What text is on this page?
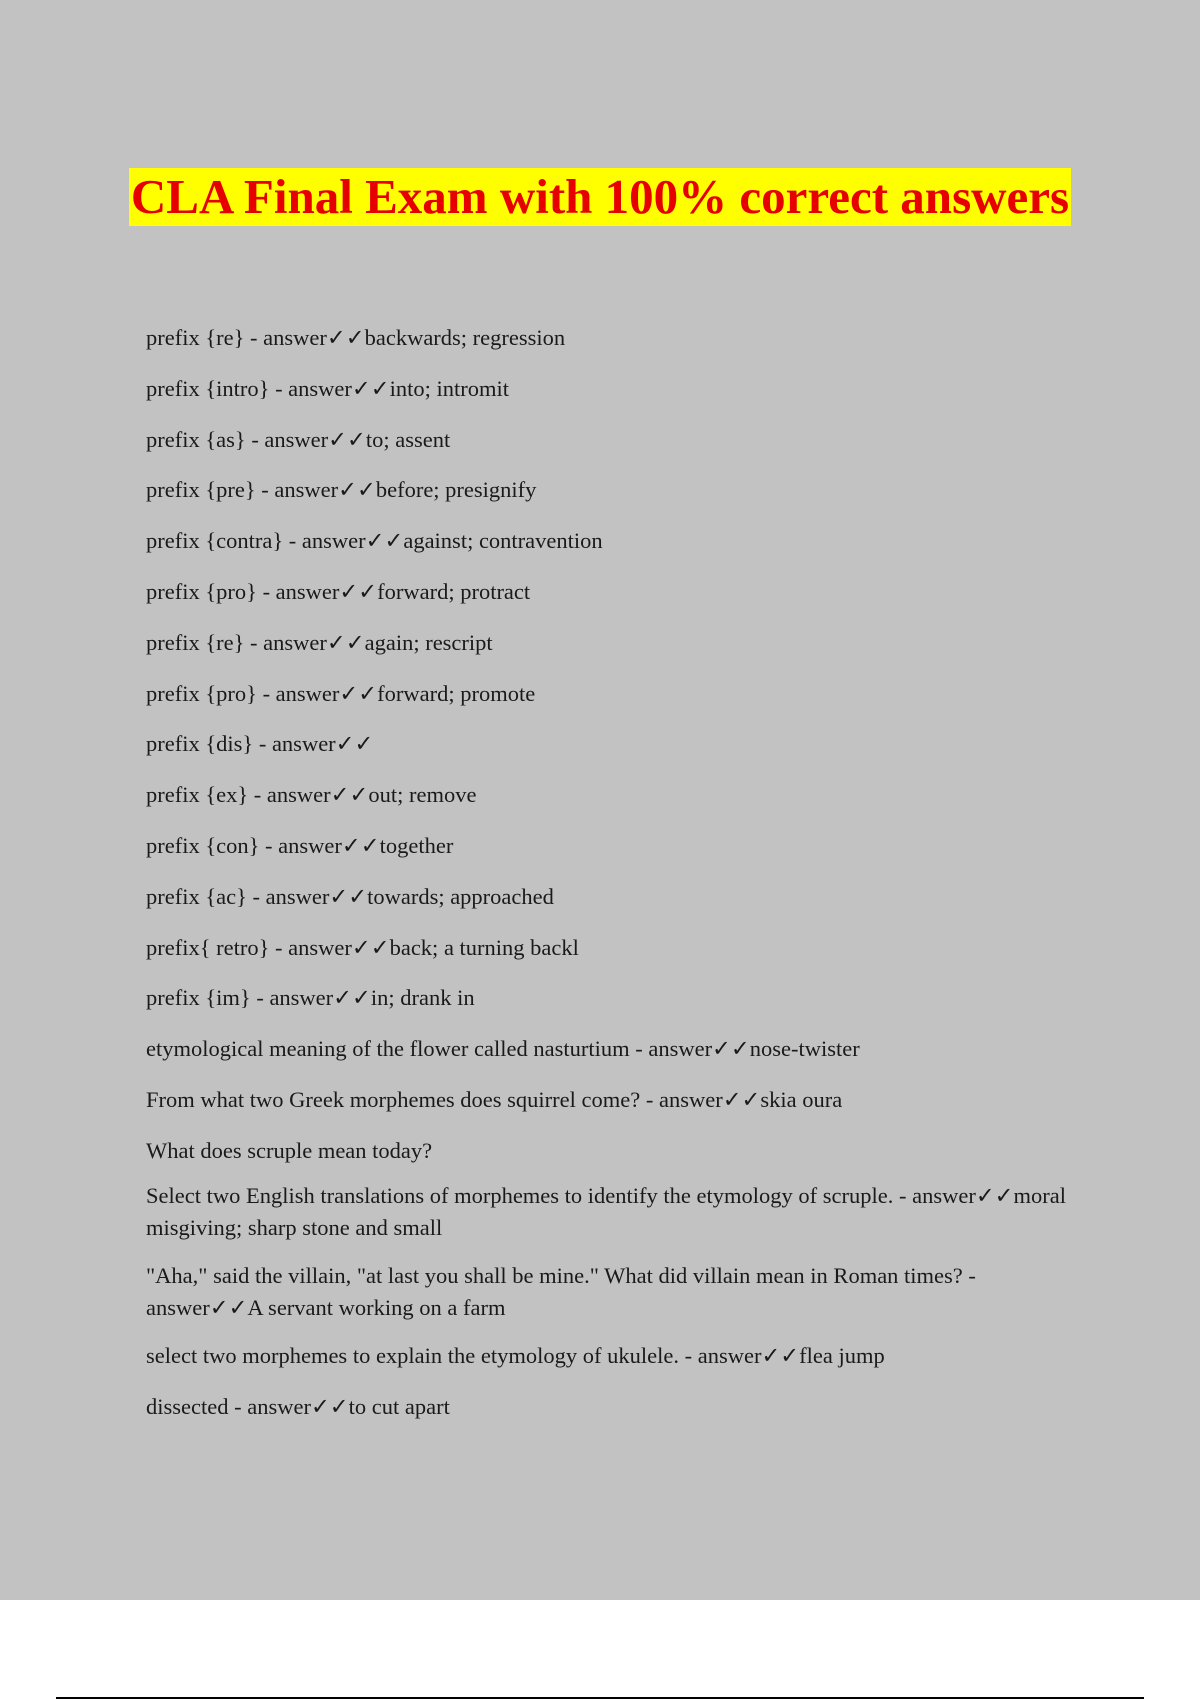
CLA Final Exam with 100% correct answers
prefix {re} - answer✓✓backwards; regression
prefix {intro} - answer✓✓into; intromit
prefix {as} - answer✓✓to; assent
prefix {pre} - answer✓✓before; presignify
prefix {contra} - answer✓✓against; contravention
prefix {pro} - answer✓✓forward; protract
prefix {re} - answer✓✓again; rescript
prefix {pro} - answer✓✓forward; promote
prefix {dis} - answer✓✓
prefix {ex} - answer✓✓out; remove
prefix {con} - answer✓✓together
prefix {ac} - answer✓✓towards; approached
prefix{ retro} - answer✓✓back; a turning backl
prefix {im} - answer✓✓in; drank in
etymological meaning of the flower called nasturtium - answer✓✓nose-twister
From what two Greek morphemes does squirrel come? - answer✓✓skia oura
What does scruple mean today?
Select two English translations of morphemes to identify the etymology of scruple. - answer✓✓moral misgiving; sharp stone and small
"Aha," said the villain, "at last you shall be mine." What did villain mean in Roman times? - answer✓✓A servant working on a farm
select two morphemes to explain the etymology of ukulele. - answer✓✓flea jump
dissected - answer✓✓to cut apart
